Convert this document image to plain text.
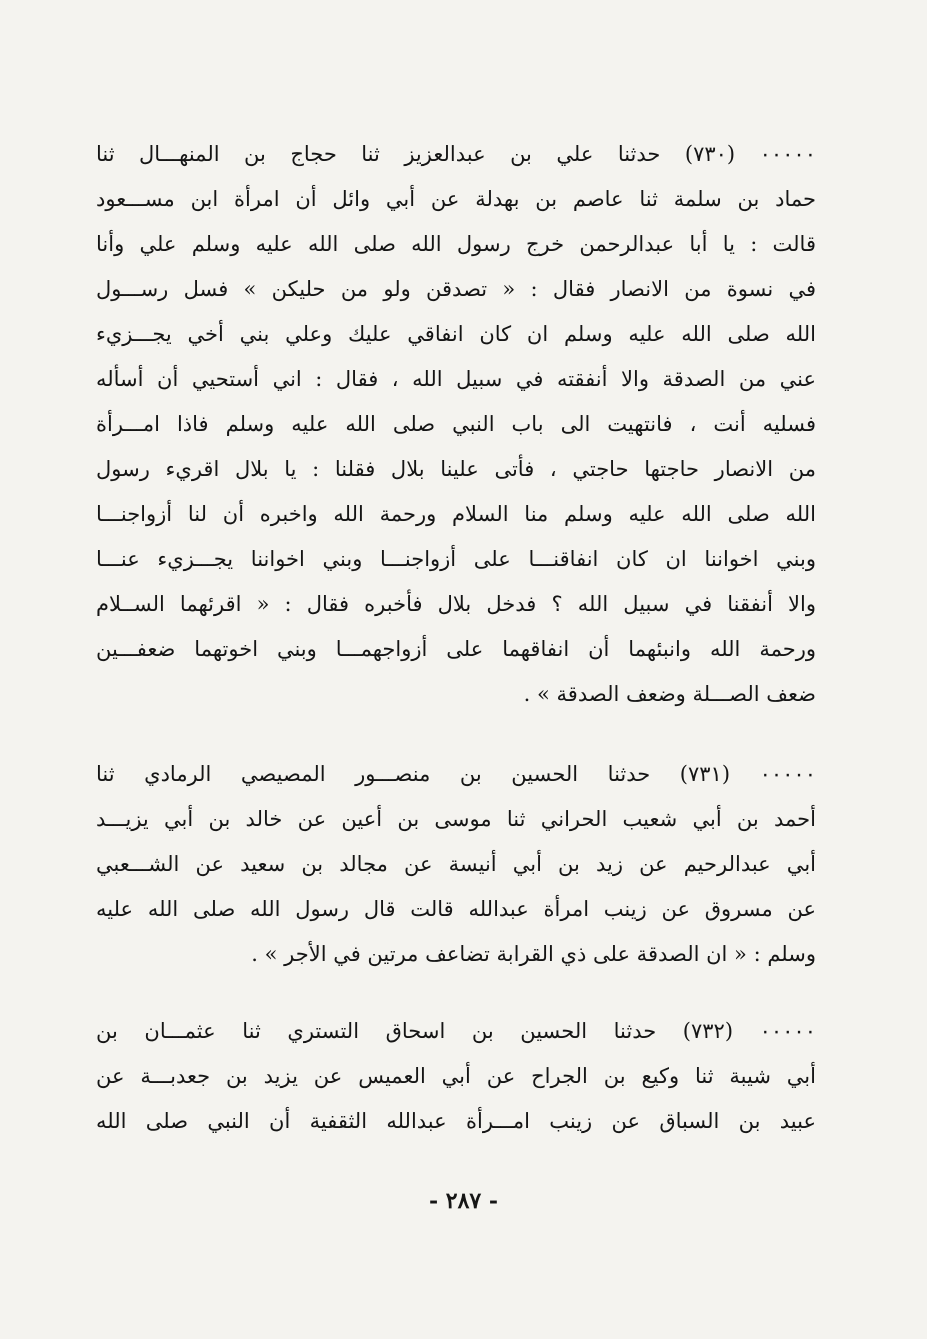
٠٠٠٠٠ (٧٣٠) حدثنا علي بن عبدالعزيز ثنا حجاج بن المنهـــال ثنا
حماد بن سلمة ثنا عاصم بن بهدلة عن أبي وائل أن امرأة ابن مســـعود
قالت : يا أبا عبدالرحمن خرج رسول الله صلى الله عليه وسلم علي وأنا
في نسوة من الانصار فقال : « تصدقن ولو من حليكن » فسل رســـول
الله صلى الله عليه وسلم ان كان انفاقي عليك وعلي بني أخي يجـــزيء
عني من الصدقة والا أنفقته في سبيل الله ، فقال : اني أستحيي أن أسأله
فسليه أنت ، فانتهيت الى باب النبي صلى الله عليه وسلم فاذا امـــرأة
من الانصار حاجتها حاجتي ، فأتى علينا بلال فقلنا : يا بلال اقريء رسول
الله صلى الله عليه وسلم منا السلام ورحمة الله واخبره أن لنا أزواجنـــا
وبني اخواننا ان كان انفاقنـــا على أزواجنـــا وبني اخواننا يجـــزيء عنـــا
والا أنفقنا في سبيل الله ؟ فدخل بلال فأخبره فقال : « اقرئهما الســلام
ورحمة الله وانبئهما أن انفاقهما على أزواجهمـــا وبني اخوتهما ضعفـــين
ضعف الصـــلة وضعف الصدقة » .
٠٠٠٠٠ (٧٣١) حدثنا الحسين بن منصـــور المصيصي الرمادي ثنا
أحمد بن أبي شعيب الحراني ثنا موسى بن أعين عن خالد بن أبي يزيـــد
أبي عبدالرحيم عن زيد بن أبي أنيسة عن مجالد بن سعيد عن الشـــعبي
عن مسروق عن زينب امرأة عبدالله قالت قال رسول الله صلى الله عليه
وسلم : « ان الصدقة على ذي القرابة تضاعف مرتين في الأجر » .
٠٠٠٠٠ (٧٣٢) حدثنا الحسين بن اسحاق التستري ثنا عثمـــان بن
أبي شيبة ثنا وكيع بن الجراح عن أبي العميس عن يزيد بن جعدبـــة عن
عبيد بن السباق عن زينب امـــرأة عبدالله الثقفية أن النبي صلى الله
- ٢٨٧ -
